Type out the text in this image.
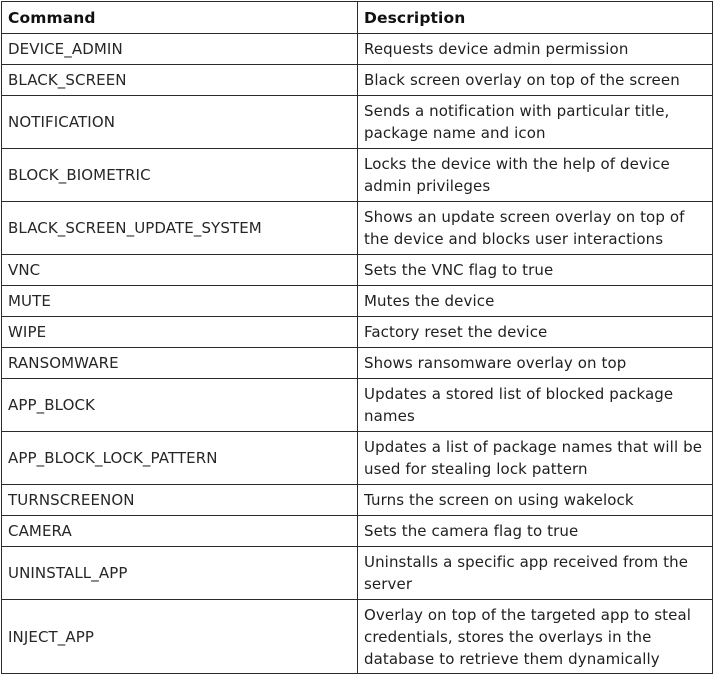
Command	Description
DEVICE_ADMIN	Requests device admin permission
BLACK_SCREEN	Black screen overlay on top of the screen
NOTIFICATION	Sends a notification with particular title, package name and icon
BLOCK_BIOMETRIC	Locks the device with the help of device admin privileges
BLACK_SCREEN_UPDATE_SYSTEM	Shows an update screen overlay on top of the device and blocks user interactions
VNC	Sets the VNC flag to true
MUTE	Mutes the device
WIPE	Factory reset the device
RANSOMWARE	Shows ransomware overlay on top
APP_BLOCK	Updates a stored list of blocked package names
APP_BLOCK_LOCK_PATTERN	Updates a list of package names that will be used for stealing lock pattern
TURNSCREENON	Turns the screen on using wakelock
CAMERA	Sets the camera flag to true
UNINSTALL_APP	Uninstalls a specific app received from the server
INJECT_APP	Overlay on top of the targeted app to steal credentials, stores the overlays in the database to retrieve them dynamically
